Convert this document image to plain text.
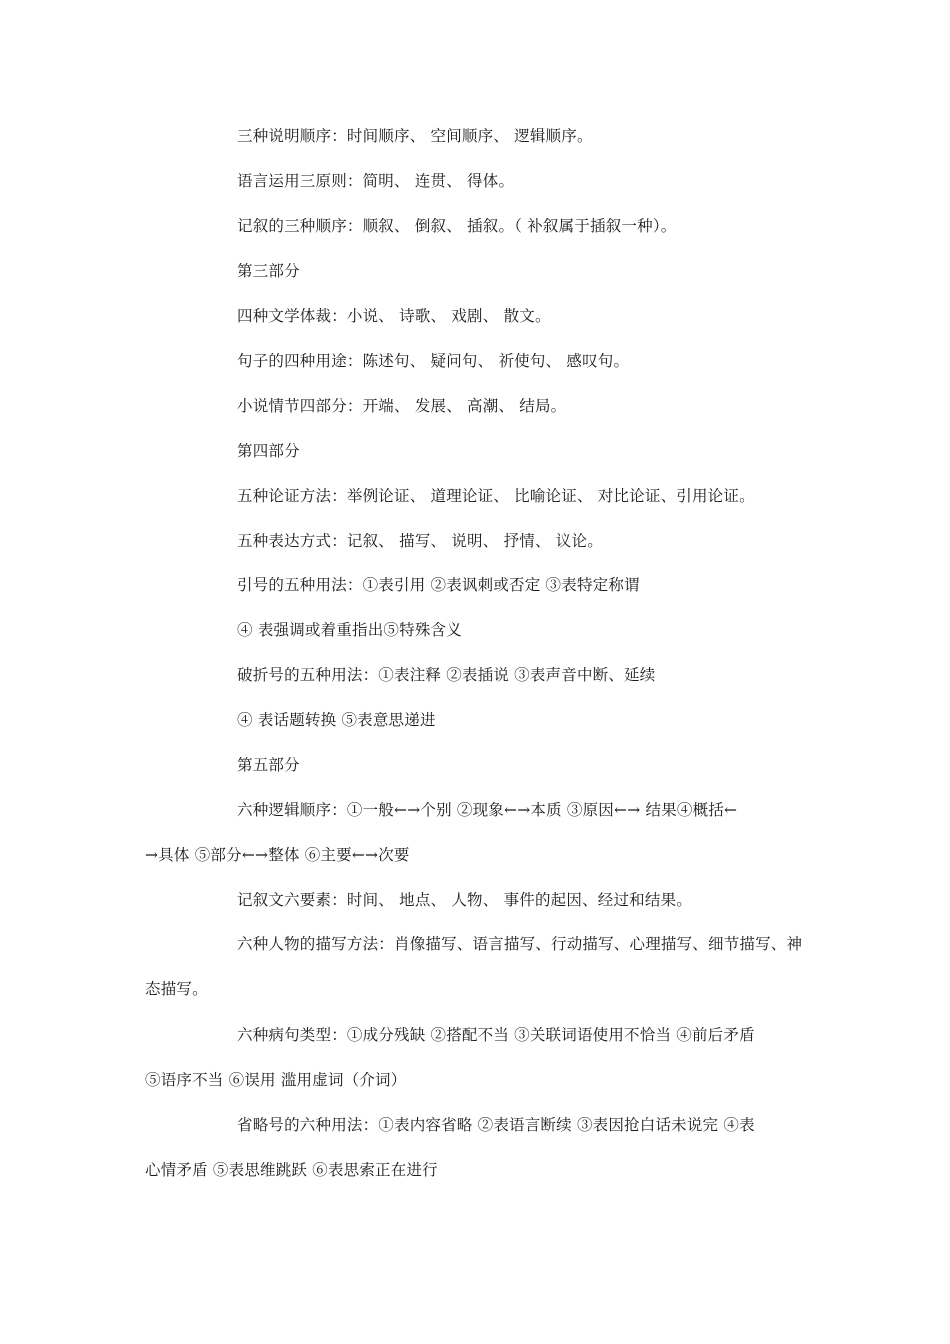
三种说明顺序：时间顺序、 空间顺序、 逻辑顺序。
语言运用三原则：简明、 连贯、 得体。
记叙的三种顺序：顺叙、 倒叙、 插叙。（ 补叙属于插叙一种）。
第三部分
四种文学体裁：小说、 诗歌、 戏剧、 散文。
句子的四种用途：陈述句、 疑问句、 祈使句、 感叹句。
小说情节四部分：开端、 发展、 高潮、 结局。
第四部分
五种论证方法：举例论证、 道理论证、 比喻论证、 对比论证、引用论证。
五种表达方式：记叙、 描写、 说明、 抒情、 议论。
引号的五种用法：①表引用 ②表讽刺或否定 ③表特定称谓
④ 表强调或着重指出⑤特殊含义
破折号的五种用法：①表注释 ②表插说 ③表声音中断、延续
④ 表话题转换 ⑤表意思递进
第五部分
六种逻辑顺序：①一般←→个别 ②现象←→本质 ③原因←→ 结果④概括←
→具体 ⑤部分←→整体 ⑥主要←→次要
记叙文六要素：时间、 地点、 人物、 事件的起因、经过和结果。
六种人物的描写方法：肖像描写、语言描写、行动描写、心理描写、细节描写、神态描写。
六种病句类型：①成分残缺 ②搭配不当 ③关联词语使用不恰当 ④前后矛盾
⑤语序不当 ⑥误用 滥用虚词（介词）
省略号的六种用法：①表内容省略 ②表语言断续 ③表因抢白话未说完 ④表
心情矛盾 ⑤表思维跳跃 ⑥表思索正在进行
